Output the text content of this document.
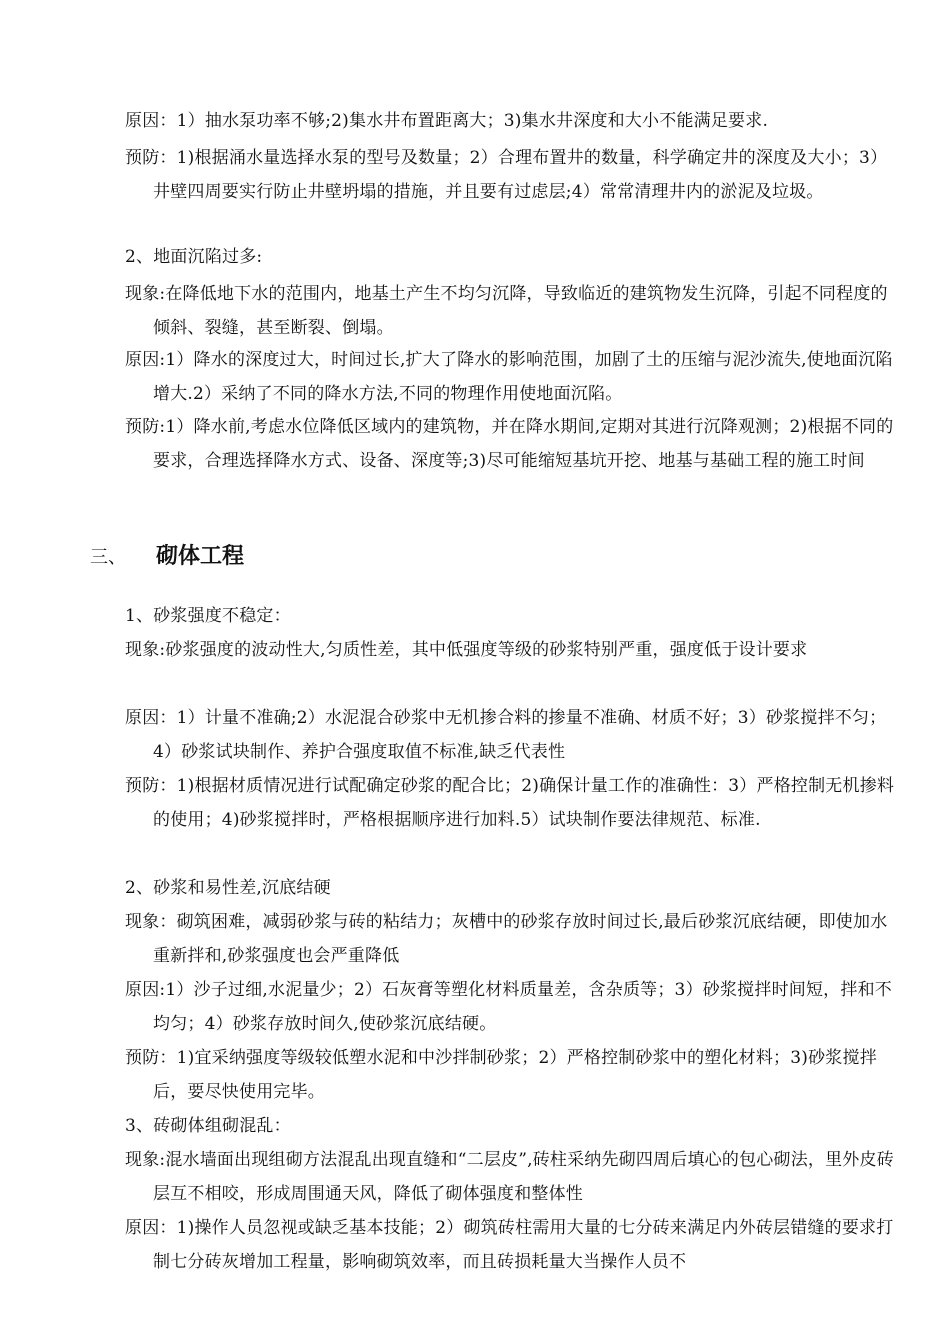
原因：1）抽水泵功率不够;2)集水井布置距离大；3)集水井深度和大小不能满足要求.
预防：1)根据涌水量选择水泵的型号及数量；2）合理布置井的数量，科学确定井的深度及大小；3）井壁四周要实行防止井壁坍塌的措施，并且要有过虑层;4）常常清理井内的淤泥及垃圾。
2、地面沉陷过多:
现象:在降低地下水的范围内，地基土产生不均匀沉降，导致临近的建筑物发生沉降，引起不同程度的倾斜、裂缝，甚至断裂、倒塌。
原因:1）降水的深度过大，时间过长,扩大了降水的影响范围，加剧了土的压缩与泥沙流失,使地面沉陷增大.2）采纳了不同的降水方法,不同的物理作用使地面沉陷。
预防:1）降水前,考虑水位降低区域内的建筑物，并在降水期间,定期对其进行沉降观测；2)根据不同的要求，合理选择降水方式、设备、深度等;3)尽可能缩短基坑开挖、地基与基础工程的施工时间
三、 砌体工程
1、砂浆强度不稳定：
现象:砂浆强度的波动性大,匀质性差，其中低强度等级的砂浆特别严重，强度低于设计要求
原因：1）计量不准确;2）水泥混合砂浆中无机掺合料的掺量不准确、材质不好；3）砂浆搅拌不匀；4）砂浆试块制作、养护合强度取值不标准,缺乏代表性
预防：1)根据材质情况进行试配确定砂浆的配合比；2)确保计量工作的准确性：3）严格控制无机掺料的使用；4)砂浆搅拌时，严格根据顺序进行加料.5）试块制作要法律规范、标准.
2、砂浆和易性差,沉底结硬
现象：砌筑困难，减弱砂浆与砖的粘结力；灰槽中的砂浆存放时间过长,最后砂浆沉底结硬，即使加水重新拌和,砂浆强度也会严重降低
原因:1）沙子过细,水泥量少；2）石灰膏等塑化材料质量差，含杂质等；3）砂浆搅拌时间短，拌和不均匀；4）砂浆存放时间久,使砂浆沉底结硬。
预防：1)宜采纳强度等级较低塑水泥和中沙拌制砂浆；2）严格控制砂浆中的塑化材料；3)砂浆搅拌后，要尽快使用完毕。
3、砖砌体组砌混乱：
现象:混水墙面出现组砌方法混乱出现直缝和“二层皮”,砖柱采纳先砌四周后填心的包心砌法，里外皮砖层互不相咬，形成周围通天风，降低了砌体强度和整体性
原因：1)操作人员忽视或缺乏基本技能；2）砌筑砖柱需用大量的七分砖来满足内外砖层错缝的要求打制七分砖灰增加工程量，影响砌筑效率，而且砖损耗量大当操作人员不
